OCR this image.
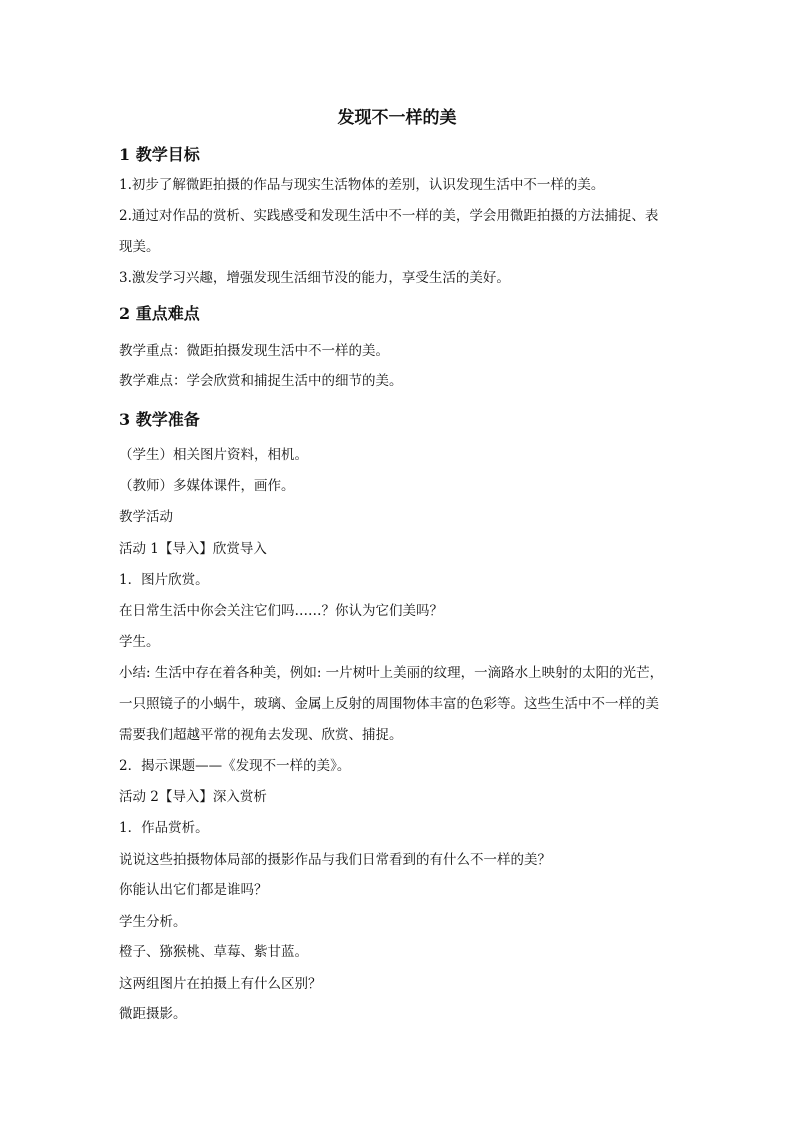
发现不一样的美
1 教学目标
1.初步了解微距拍摄的作品与现实生活物体的差别，认识发现生活中不一样的美。
2.通过对作品的赏析、实践感受和发现生活中不一样的美，学会用微距拍摄的方法捕捉、表
现美。
3.激发学习兴趣，增强发现生活细节没的能力，享受生活的美好。
2 重点难点
教学重点：微距拍摄发现生活中不一样的美。
教学难点：学会欣赏和捕捉生活中的细节的美。
3 教学准备
（学生）相关图片资料，相机。
（教师）多媒体课件，画作。
教学活动
活动 1【导入】欣赏导入
1．图片欣赏。
在日常生活中你会关注它们吗……？你认为它们美吗？
学生。
小结: 生活中存在着各种美，例如: 一片树叶上美丽的纹理，一滴路水上映射的太阳的光芒，
一只照镜子的小蜗牛，玻璃、金属上反射的周围物体丰富的色彩等。这些生活中不一样的美
需要我们超越平常的视角去发现、欣赏、捕捉。
2．揭示课题——《发现不一样的美》。
活动 2【导入】深入赏析
1．作品赏析。
说说这些拍摄物体局部的摄影作品与我们日常看到的有什么不一样的美？
你能认出它们都是谁吗？
学生分析。
橙子、猕猴桃、草莓、紫甘蓝。
这两组图片在拍摄上有什么区别？
微距摄影。
